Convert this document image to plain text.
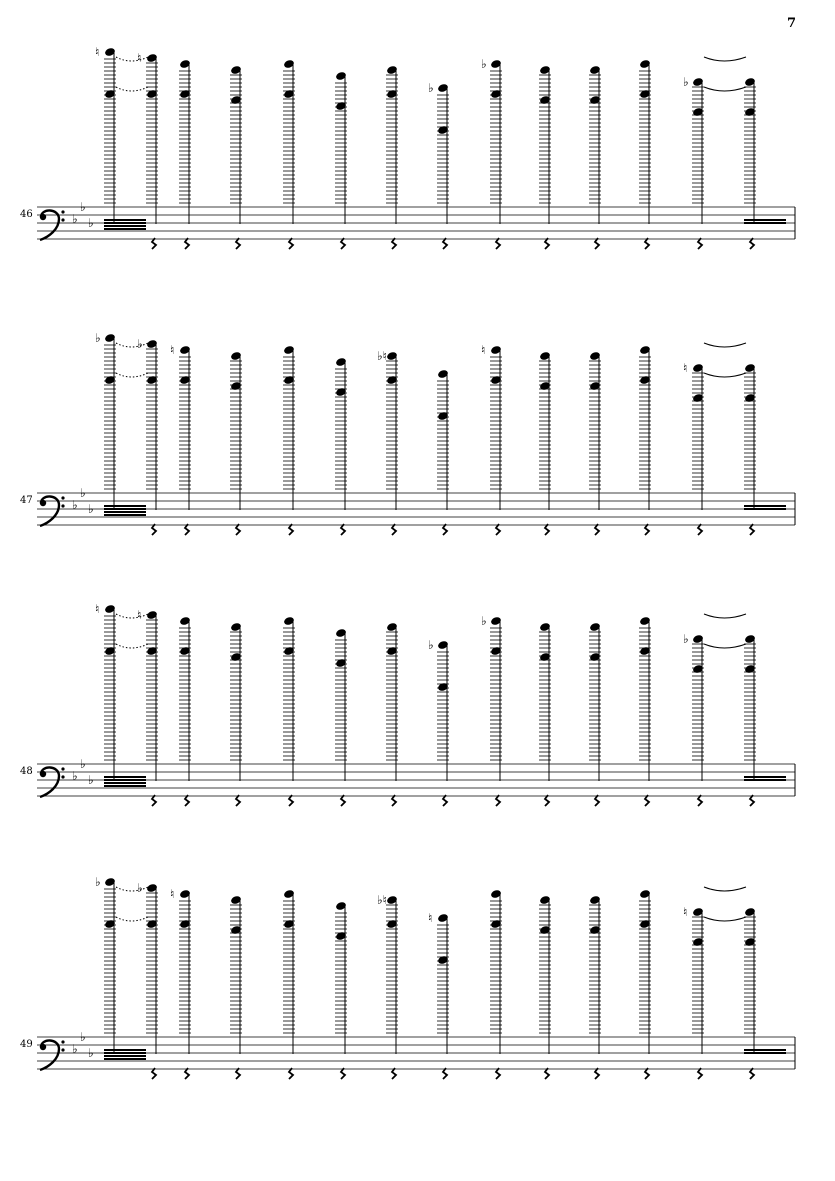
7
46	♭
♭
♭
♮	♮
♭
♭
♭
47	♭
♭
♭
♭	♭ ♮	♭♮	♮
♮
48	♭
♭
♭
♮	♮
♭
♭
♭
49	♭
♭
♭
♭	♭ ♮	♭♮
♮	♮
